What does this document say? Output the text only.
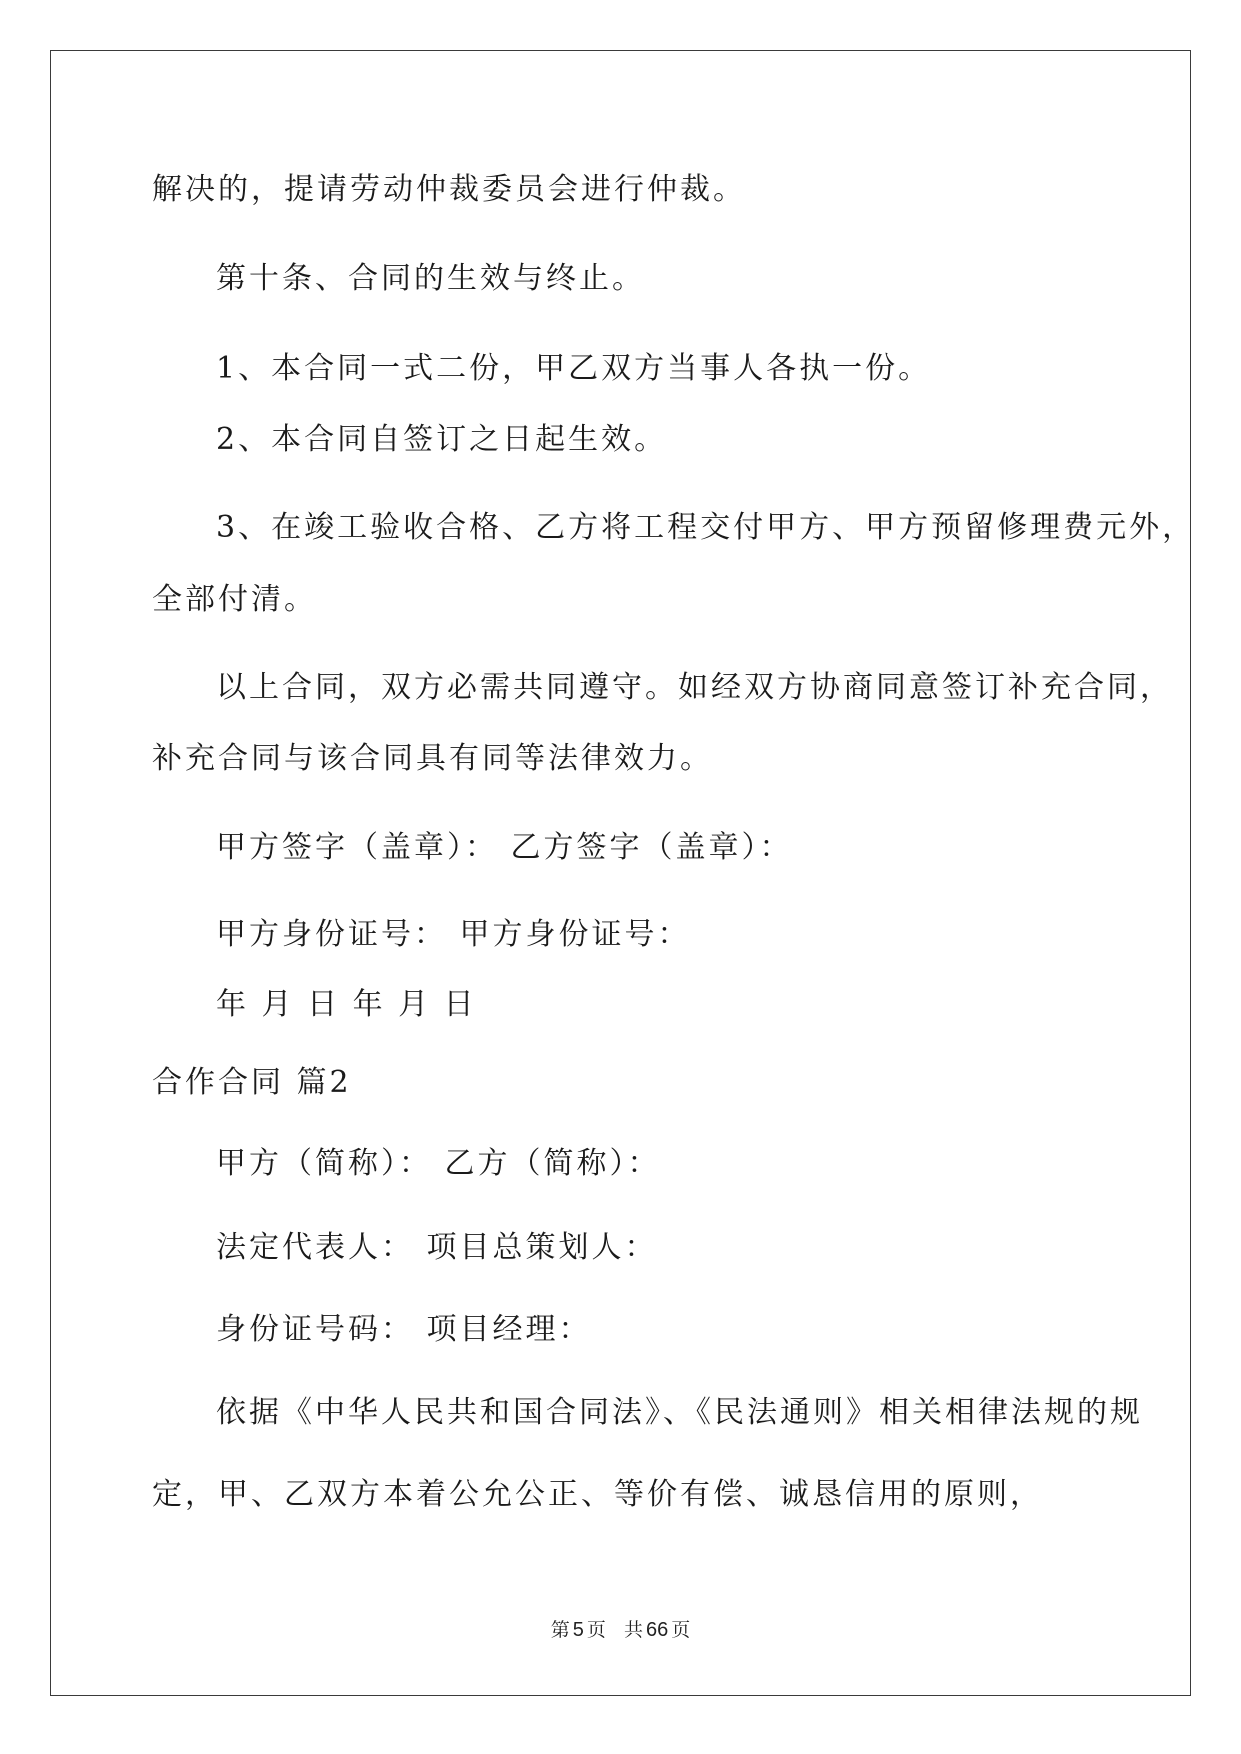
解决的，提请劳动仲裁委员会进行仲裁。
第十条、合同的生效与终止。
1、本合同一式二份，甲乙双方当事人各执一份。
2、本合同自签订之日起生效。
3、在竣工验收合格、乙方将工程交付甲方、甲方预留修理费元外，
全部付清。
以上合同，双方必需共同遵守。如经双方协商同意签订补充合同，
补充合同与该合同具有同等法律效力。
甲方签字（盖章）： 乙方签字（盖章）：
甲方身份证号： 甲方身份证号：
年 月 日 年 月 日
合作合同 篇2
甲方（简称）： 乙方（简称）：
法定代表人： 项目总策划人：
身份证号码： 项目经理：
依据《中华人民共和国合同法》、《民法通则》相关相律法规的规
定，甲、乙双方本着公允公正、等价有偿、诚恳信用的原则，
第 5 页 共 66 页
